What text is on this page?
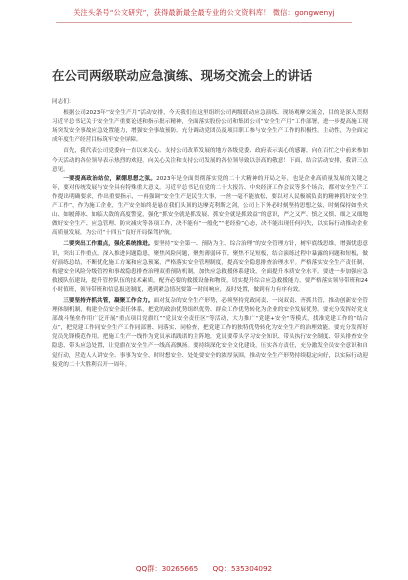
关注头条号“公文研究”，获得最新最全最专业的公文资料库！ 微信：gongwenyj
在公司两级联动应急演练、现场交流会上的讲话

同志们：

根据公司2023年“安全生产月”活动安排，今天我们在这里组织公司两级联动应急演练、现场观摩交流会，目的是深入贯彻习近平总书记关于安全生产重要论述和指示批示精神，全面落实股份公司和集团公司“安全生产月”工作部署，进一步提高施工现场突发安全事故应急处置能力，增强安全事故预防，充分调动党团员及项目职工参与安全生产工作的积极性。主动性，为全面完成年度生产经营目标筑牢安全屏障。

首先，我代表公司党委向一直以来关心、支持公司改革发展的地方各级党委、政府表示衷心的感谢，向在百忙之中前来参加今天活动的各位领导表示热烈的欢迎。向关心关注和支持公司发展的各位领导致以崇高的敬意！下面，结合活动安排，我讲三点意见。

一要提高政治站位，紧绷思想之弦。2023年是全面贯彻落实党的二十大精神的开局之年，也是企业高质量发展的关键之年，要对传统发展与安全具有特殊重大意义。习近平总书记在党的二十大报告、中央经济工作会议等多个场合，都对安全生产工作提出明确要求，作出重要指示，一再强调“安全生产是民生大事，一丝一毫不能放松，要以对人民极端负责的精神抓好安全生产工作”，作为施工企业，生产安全始终是悬在我们头顶的达摩克利斯之剑，公司上下务必时刻坚持思想之弦，时刻保持如坐火山、如履薄冰、如临大敌的高度警觉，强化“抓安全就是抓发展、抓安全就是抓效益”的意识，严之又严、慎之又慎、细之又细地做好安全生产、应急管理、防灾减灾等各项工作，决不能有“一般化”“老经验”心态，决不能出现任何闪失，以实际行动推动企业高质量发展，为公司“十四五”良好开局保驾护航。

二要突出工作重点，强化系统推进。要坚持“安全第一、预防为主、综合治理”的安全管理方针，树牢底线思维，增强忧患意识，突出工作重点，深入推进问题隐患，聚焦风险问题，聚焦薄弱环节，聚焦不足短板，结合演练过程中暴露的问题和短板，做好演练总结，不断优化施工方案和应急预案，严格落实安全管理制度，提高安全隐患排查治理水平。严格落实安全生产责任制，构建安全风险分级管控和事故隐患排查治理双重预防机制，加快应急救援体系建设，全面提升本质安全水平。要进一步加强应急救援队伍建设，提升管控队伍的技术素质，配齐必要的救援设备和物资，切实提升综合应急救援能力，要严格落实领导带班和24小时值班，领导带班和信息报送制度，遇到紧急情况要第一时间响应，及时处置，做到有力有序有效。

三要坚持齐抓共管，凝聚工作合力。面对复杂的安全生产形势，必须坚持党政同责、一岗双责、齐抓共管，推动创新安全管理体制机制，构建全员安全责任体系，把党的政治优势组织优势、群众工作优势转化为企业的安全发展优势。要充分发挥好党支部战斗堡垒作用广泛开展“重点项目党旗红”“党员安全责任区”等活动，大力推广“党建+安全”等模式，找准党建工作的“结合点”，把党建工作同安全生产工作同部署、同落实、同检查，把党建工作的独特优势转化为安全生产的治理效能。要充分发挥好党员先锋模范作用，把施工生产一线作为党员承诺践诺的主阵地，党员要带头学习安全知识、带头执行安全制度、带头排查安全隐患、带头应急处置，让党旗在安全生产一线高高飘扬。要持续深化安全文化建设，压实各方责任，充分激发全员安全意识和自觉行动，营造人人讲安全、事事为安全、时时想安全、处处要安全的浓厚氛围，推动安全生产形势持续稳定向好，以实际行动迎接党的二十大胜利召开一周年。

QQ群：30265665 QQ：535304092
